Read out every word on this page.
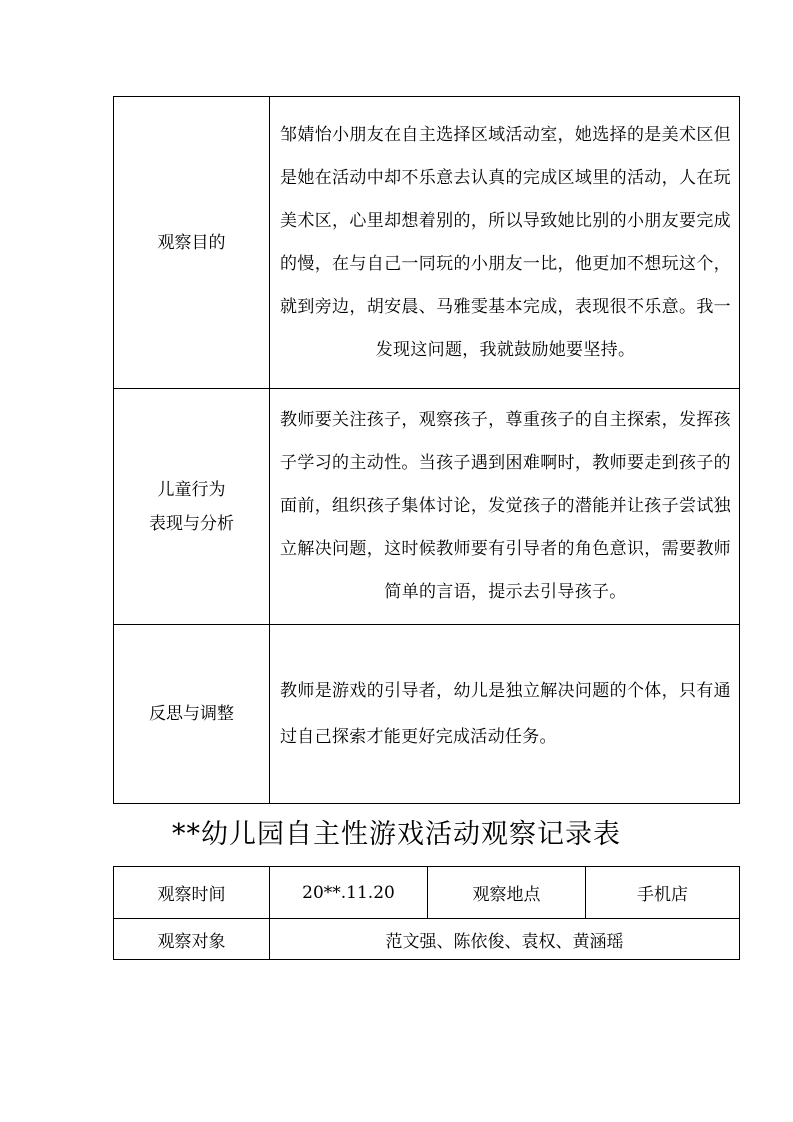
观察目的	邹婧怡小朋友在自主选择区域活动室，她选择的是美术区但是她在活动中却不乐意去认真的完成区域里的活动，人在玩美术区，心里却想着别的，所以导致她比别的小朋友要完成的慢，在与自己一同玩的小朋友一比，他更加不想玩这个，就到旁边，胡安晨、马雅雯基本完成，表现很不乐意。我一发现这问题，我就鼓励她要坚持。

儿童行为
表现与分析	教师要关注孩子，观察孩子，尊重孩子的自主探索，发挥孩子学习的主动性。当孩子遇到困难啊时，教师要走到孩子的面前，组织孩子集体讨论，发觉孩子的潜能并让孩子尝试独立解决问题，这时候教师要有引导者的角色意识，需要教师简单的言语，提示去引导孩子。
反思与调整	教师是游戏的引导者，幼儿是独立解决问题的个体，只有通过自己探索才能更好完成活动任务。
**幼儿园自主性游戏活动观察记录表
观察时间	20**.11.20	观察地点	手机店
观察对象	范文强、陈依俊、袁权、黄涵瑶		
